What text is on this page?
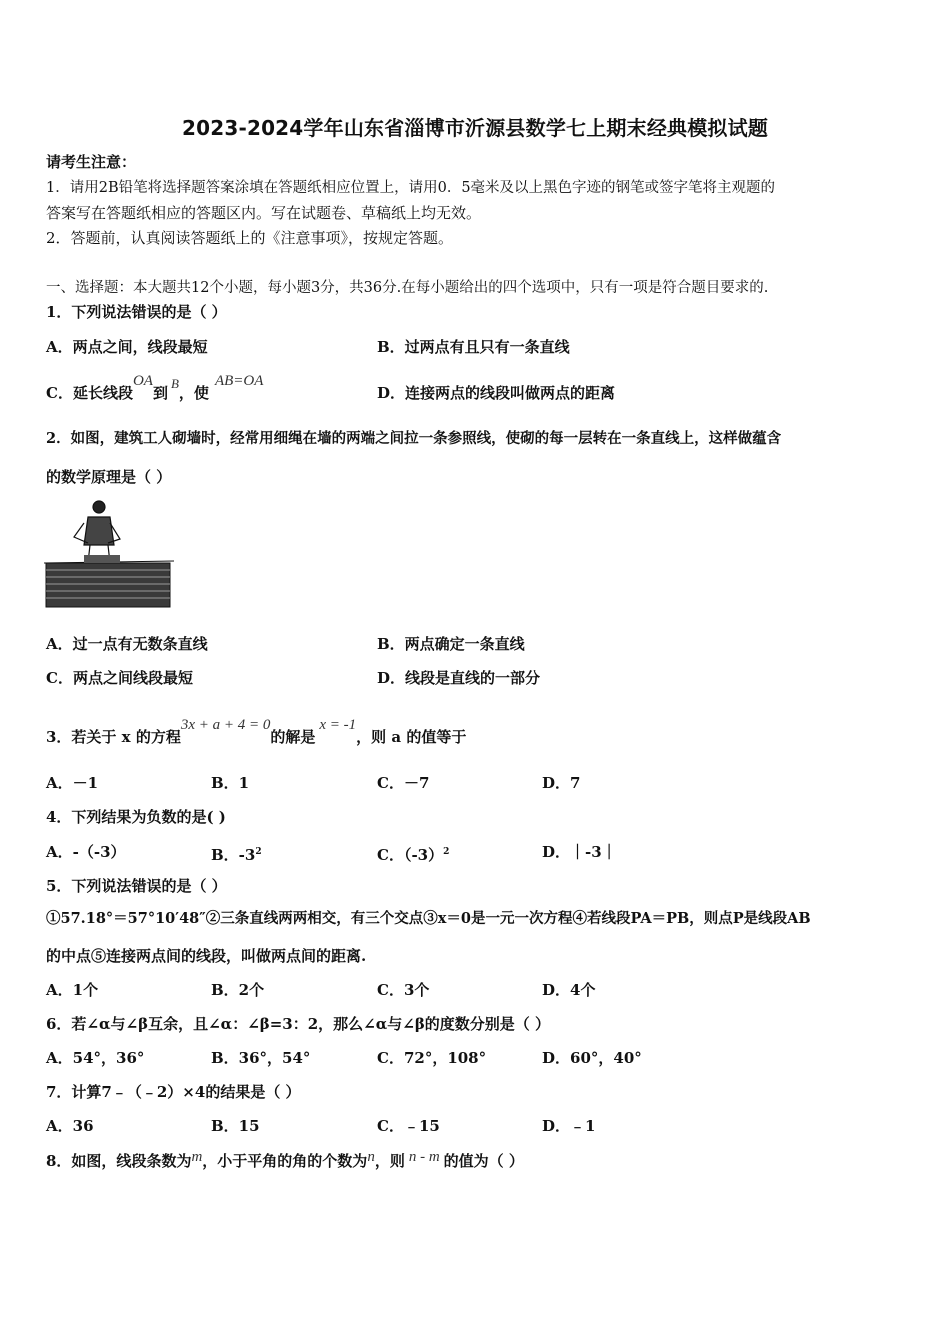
2023-2024学年山东省淄博市沂源县数学七上期末经典模拟试题
请考生注意：
1．请用2B铅笔将选择题答案涂填在答题纸相应位置上，请用0．5毫米及以上黑色字迹的钢笔或签字笔将主观题的
答案写在答题纸相应的答题区内。写在试题卷、草稿纸上均无效。
2．答题前，认真阅读答题纸上的《注意事项》，按规定答题。
一、选择题：本大题共12个小题，每小题3分，共36分.在每小题给出的四个选项中，只有一项是符合题目要求的.
1．下列说法错误的是（ ）
A．两点之间，线段最短	B．过两点有且只有一条直线
C．延长线段OA到B，使AB=OA
D．连接两点的线段叫做两点的距离
2．如图，建筑工人砌墙时，经常用细绳在墙的两端之间拉一条参照线，使砌的每一层转在一条直线上，这样做蕴含
的数学原理是（ ）
A．过一点有无数条直线	B．两点确定一条直线
C．两点之间线段最短	D．线段是直线的一部分
3．若关于 x 的方程3x + a + 4 = 0的解是x = -1，则 a 的值等于
A．－1	B．1	C．－7	D．7
4．下列结果为负数的是( )
A．-（-3）	B．$-3^2$	C．$(-3)^2$	D．｜-3｜
5．下列说法错误的是（ ）
①57.18°＝57°10′48″②三条直线两两相交，有三个交点③x＝0是一元一次方程④若线段PA＝PB，则点P是线段AB
的中点⑤连接两点间的线段，叫做两点间的距离.
A．1个	B．2个	C．3个	D．4个
6．若∠α与∠β互余，且∠α：∠β=3：2，那么∠α与∠β的度数分别是（ ）
A．54°，36°	B．36°，54°	C．72°，108°	D．60°，40°
7．计算7﹣（﹣2）×4的结果是（ ）
A．36	B．15	C．﹣15	D．﹣1
8．如图，线段条数为m，小于平角的角的个数为n，则 n - m 的值为（ ）
